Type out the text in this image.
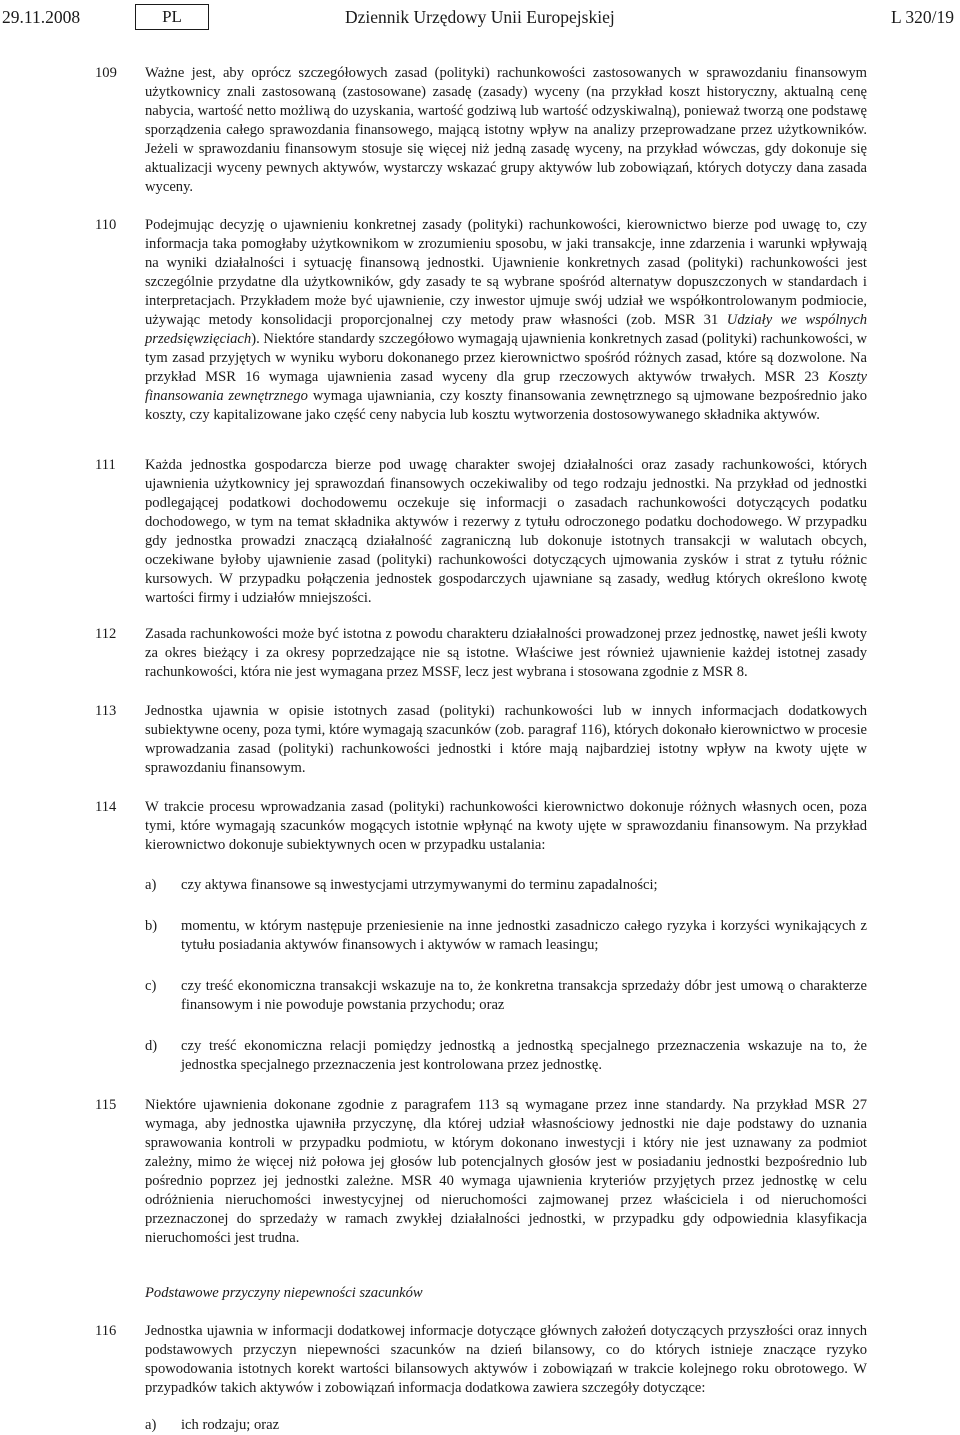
29.11.2008	PL	Dziennik Urzędowy Unii Europejskiej	L 320/19
109 Ważne jest, aby oprócz szczegółowych zasad (polityki) rachunkowości zastosowanych w sprawozdaniu finansowym użytkownicy znali zastosowaną (zastosowane) zasadę (zasady) wyceny (na przykład koszt historyczny, aktualną cenę nabycia, wartość netto możliwą do uzyskania, wartość godziwą lub wartość odzyskiwalną), ponieważ tworzą one podstawę sporządzenia całego sprawozdania finansowego, mającą istotny wpływ na analizy przeprowadzane przez użytkowników. Jeżeli w sprawozdaniu finansowym stosuje się więcej niż jedną zasadę wyceny, na przykład wówczas, gdy dokonuje się aktualizacji wyceny pewnych aktywów, wystarczy wskazać grupy aktywów lub zobowiązań, których dotyczy dana zasada wyceny.
110 Podejmując decyzję o ujawnieniu konkretnej zasady (polityki) rachunkowości, kierownictwo bierze pod uwagę to, czy informacja taka pomogłaby użytkownikom w zrozumieniu sposobu, w jaki transakcje, inne zdarzenia i warunki wpływają na wyniki działalności i sytuację finansową jednostki. Ujawnienie konkretnych zasad (polityki) rachunkowości jest szczególnie przydatne dla użytkowników, gdy zasady te są wybrane spośród alternatyw dopuszczonych w standardach i interpretacjach. Przykładem może być ujawnienie, czy inwestor ujmuje swój udział we współkontrolowanym podmiocie, używając metody konsolidacji proporcjonalnej czy metody praw własności (zob. MSR 31 Udziały we wspólnych przedsięwzięciach). Niektóre standardy szczegółowo wymagają ujawnienia konkretnych zasad (polityki) rachunkowości, w tym zasad przyjętych w wyniku wyboru dokonanego przez kierownictwo spośród różnych zasad, które są dozwolone. Na przykład MSR 16 wymaga ujawnienia zasad wyceny dla grup rzeczowych aktywów trwałych. MSR 23 Koszty finansowania zewnętrznego wymaga ujawniania, czy koszty finansowania zewnętrznego są ujmowane bezpośrednio jako koszty, czy kapitalizowane jako część ceny nabycia lub kosztu wytworzenia dostosowywanego składnika aktywów.
111 Każda jednostka gospodarcza bierze pod uwagę charakter swojej działalności oraz zasady rachunkowości, których ujawnienia użytkownicy jej sprawozdań finansowych oczekiwaliby od tego rodzaju jednostki. Na przykład od jednostki podlegającej podatkowi dochodowemu oczekuje się informacji o zasadach rachunkowości dotyczących podatku dochodowego, w tym na temat składnika aktywów i rezerwy z tytułu odroczonego podatku dochodowego. W przypadku gdy jednostka prowadzi znaczącą działalność zagraniczną lub dokonuje istotnych transakcji w walutach obcych, oczekiwane byłoby ujawnienie zasad (polityki) rachunkowości dotyczących ujmowania zysków i strat z tytułu różnic kursowych. W przypadku połączenia jednostek gospodarczych ujawniane są zasady, według których określono kwotę wartości firmy i udziałów mniejszości.
112 Zasada rachunkowości może być istotna z powodu charakteru działalności prowadzonej przez jednostkę, nawet jeśli kwoty za okres bieżący i za okresy poprzedzające nie są istotne. Właściwe jest również ujawnienie każdej istotnej zasady rachunkowości, która nie jest wymagana przez MSSF, lecz jest wybrana i stosowana zgodnie z MSR 8.
113 Jednostka ujawnia w opisie istotnych zasad (polityki) rachunkowości lub w innych informacjach dodatkowych subiektywne oceny, poza tymi, które wymagają szacunków (zob. paragraf 116), których dokonało kierownictwo w procesie wprowadzania zasad (polityki) rachunkowości jednostki i które mają najbardziej istotny wpływ na kwoty ujęte w sprawozdaniu finansowym.
114 W trakcie procesu wprowadzania zasad (polityki) rachunkowości kierownictwo dokonuje różnych własnych ocen, poza tymi, które wymagają szacunków mogących istotnie wpłynąć na kwoty ujęte w sprawozdaniu finansowym. Na przykład kierownictwo dokonuje subiektywnych ocen w przypadku ustalania:
a) czy aktywa finansowe są inwestycjami utrzymywanymi do terminu zapadalności;
b) momentu, w którym następuje przeniesienie na inne jednostki zasadniczo całego ryzyka i korzyści wynikających z tytułu posiadania aktywów finansowych i aktywów w ramach leasingu;
c) czy treść ekonomiczna transakcji wskazuje na to, że konkretna transakcja sprzedaży dóbr jest umową o charakterze finansowym i nie powoduje powstania przychodu; oraz
d) czy treść ekonomiczna relacji pomiędzy jednostką a jednostką specjalnego przeznaczenia wskazuje na to, że jednostka specjalnego przeznaczenia jest kontrolowana przez jednostkę.
115 Niektóre ujawnienia dokonane zgodnie z paragrafem 113 są wymagane przez inne standardy. Na przykład MSR 27 wymaga, aby jednostka ujawniła przyczynę, dla której udział własnościowy jednostki nie daje podstawy do uznania sprawowania kontroli w przypadku podmiotu, w którym dokonano inwestycji i który nie jest uznawany za podmiot zależny, mimo że więcej niż połowa jej głosów lub potencjalnych głosów jest w posiadaniu jednostki bezpośrednio lub pośrednio poprzez jej jednostki zależne. MSR 40 wymaga ujawnienia kryteriów przyjętych przez jednostkę w celu odróżnienia nieruchomości inwestycyjnej od nieruchomości zajmowanej przez właściciela i od nieruchomości przeznaczonej do sprzedaży w ramach zwykłej działalności jednostki, w przypadku gdy odpowiednia klasyfikacja nieruchomości jest trudna.
Podstawowe przyczyny niepewności szacunków
116 Jednostka ujawnia w informacji dodatkowej informacje dotyczące głównych założeń dotyczących przyszłości oraz innych podstawowych przyczyn niepewności szacunków na dzień bilansowy, co do których istnieje znaczące ryzyko spowodowania istotnych korekt wartości bilansowych aktywów i zobowiązań w trakcie kolejnego roku obrotowego. W przypadków takich aktywów i zobowiązań informacja dodatkowa zawiera szczegóły dotyczące:
a) ich rodzaju; oraz
